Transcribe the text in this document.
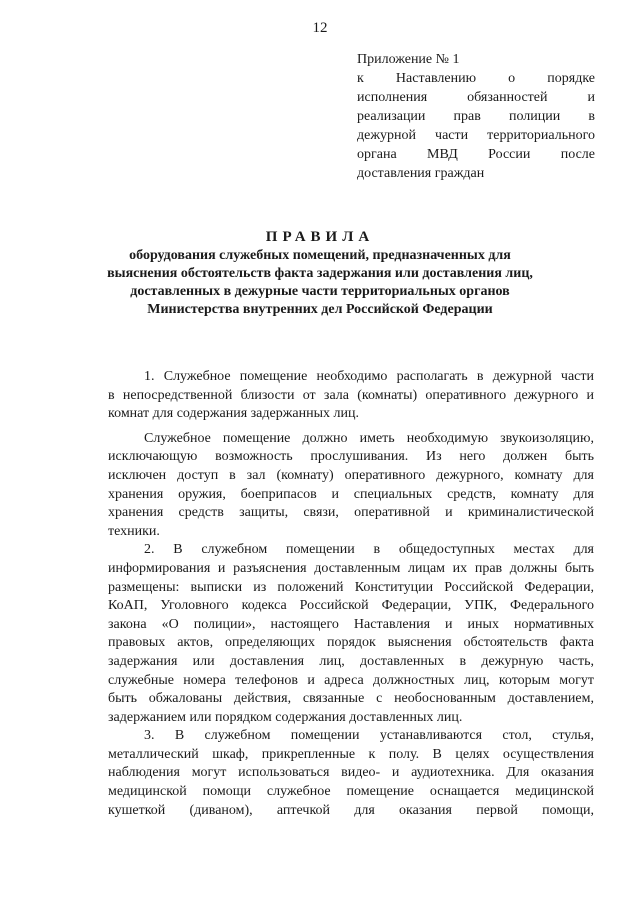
12
Приложение № 1
к Наставлению о порядке
исполнения обязанностей и
реализации прав полиции в
дежурной части территориального
органа МВД России после
доставления граждан
ПРАВИЛА
оборудования служебных помещений, предназначенных для
выяснения обстоятельств факта задержания или доставления лиц,
доставленных в дежурные части территориальных органов
Министерства внутренних дел Российской Федерации
1. Служебное помещение необходимо располагать в дежурной части
в непосредственной близости от зала (комнаты) оперативного дежурного и
комнат для содержания задержанных лиц.
Служебное помещение должно иметь необходимую звукоизоляцию,
исключающую возможность прослушивания. Из него должен быть
исключен доступ в зал (комнату) оперативного дежурного, комнату для
хранения оружия, боеприпасов и специальных средств, комнату для
хранения средств защиты, связи, оперативной и криминалистической
техники.
2. В служебном помещении в общедоступных местах для
информирования и разъяснения доставленным лицам их прав должны быть
размещены: выписки из положений Конституции Российской Федерации,
КоАП, Уголовного кодекса Российской Федерации, УПК, Федерального
закона «О полиции», настоящего Наставления и иных нормативных
правовых актов, определяющих порядок выяснения обстоятельств факта
задержания или доставления лиц, доставленных в дежурную часть,
служебные номера телефонов и адреса должностных лиц, которым могут
быть обжалованы действия, связанные с необоснованным доставлением,
задержанием или порядком содержания доставленных лиц.
3. В служебном помещении устанавливаются стол, стулья,
металлический шкаф, прикрепленные к полу. В целях осуществления
наблюдения могут использоваться видео- и аудиотехника. Для оказания
медицинской помощи служебное помещение оснащается медицинской
кушеткой (диваном), аптечкой для оказания первой помощи,
